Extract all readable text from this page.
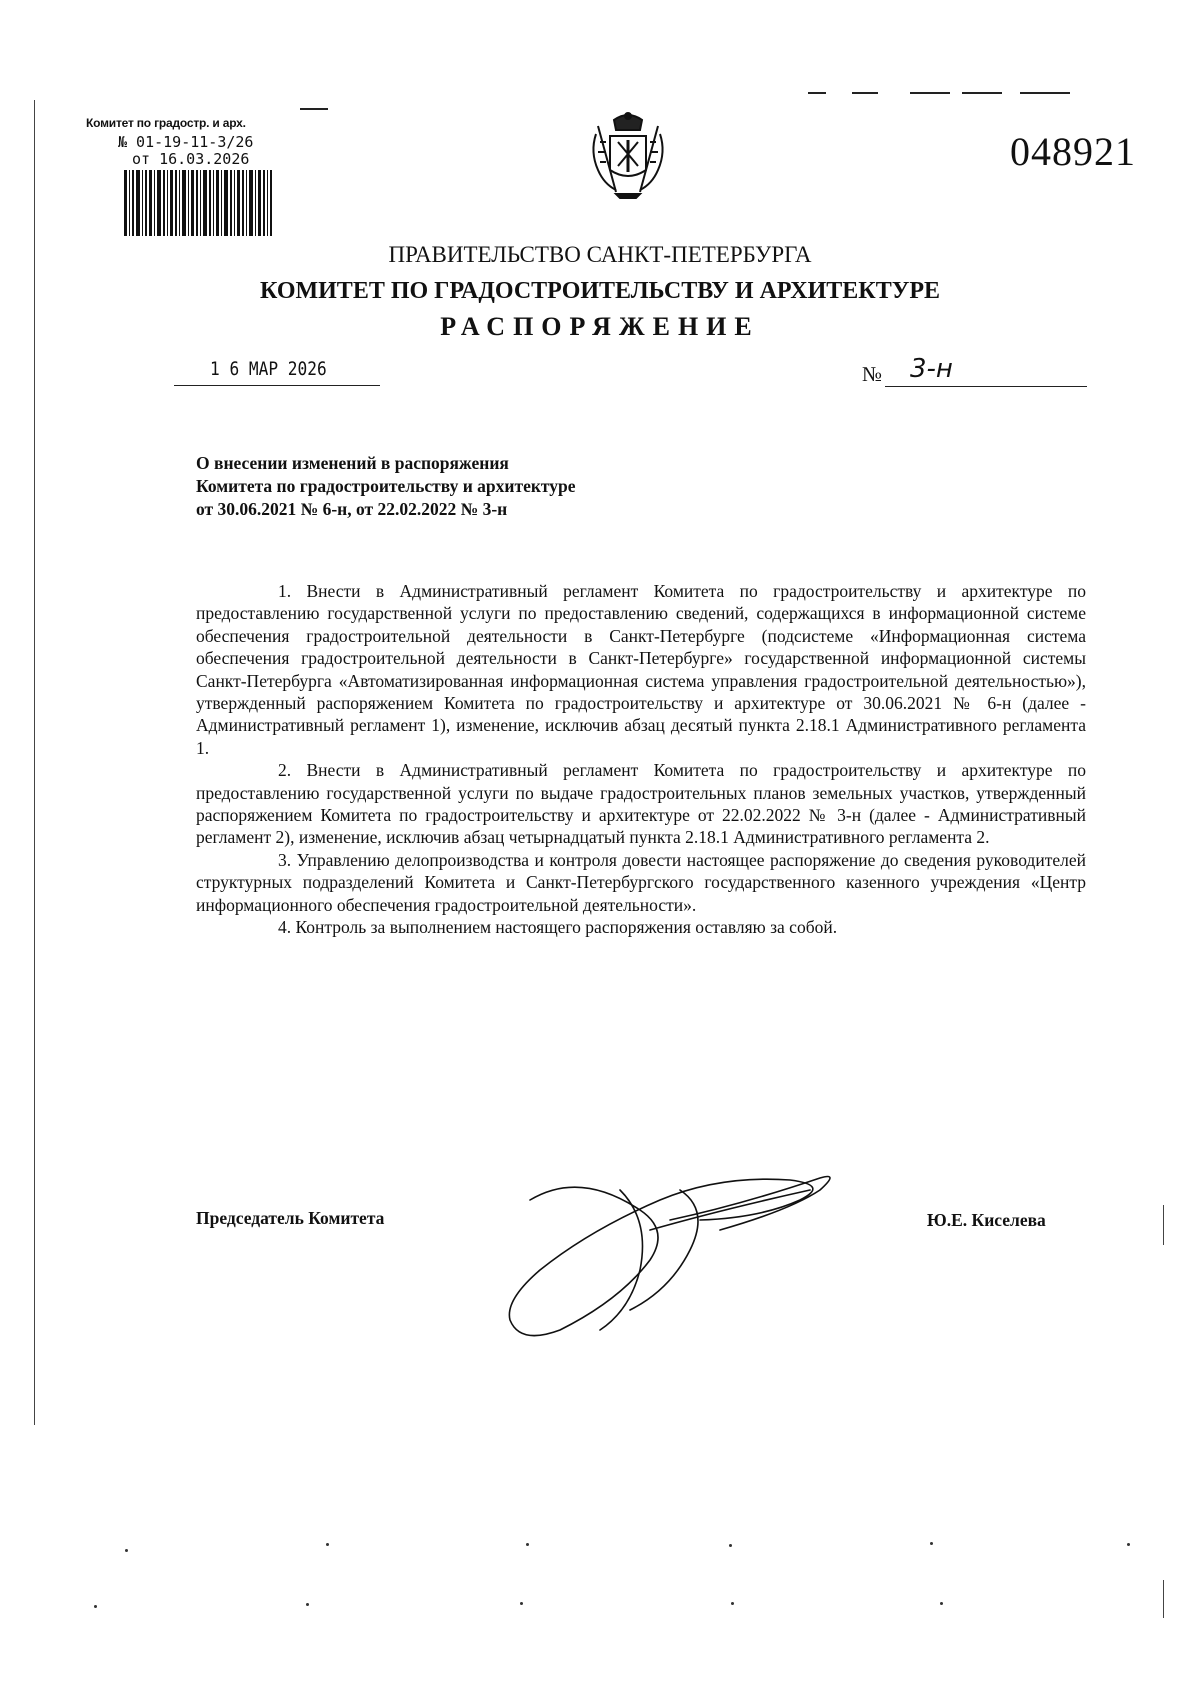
Комитет по градостр. и арх.
№ 01-19-11-3/26
от 16.03.2026	048921
ПРАВИТЕЛЬСТВО САНКТ-ПЕТЕРБУРГА
КОМИТЕТ ПО ГРАДОСТРОИТЕЛЬСТВУ И АРХИТЕКТУРЕ
РАСПОРЯЖЕНИЕ
1 6 МАР 2026	№ 3-н
О внесении изменений в распоряжения
Комитета по градостроительству и архитектуре
от 30.06.2021 № 6-н, от 22.02.2022 № 3-н

1. Внести в Административный регламент Комитета по градостроительству и архитектуре по предоставлению государственной услуги по предоставлению сведений, содержащихся в информационной системе обеспечения градостроительной деятельности в Санкт-Петербурге (подсистеме «Информационная система обеспечения градостроительной деятельности в Санкт-Петербурге» государственной информационной системы Санкт-Петербурга «Автоматизированная информационная система управления градостроительной деятельностью»), утвержденный распоряжением Комитета по градостроительству и архитектуре от 30.06.2021 № 6-н (далее - Административный регламент 1), изменение, исключив абзац десятый пункта 2.18.1 Административного регламента 1.

2. Внести в Административный регламент Комитета по градостроительству и архитектуре по предоставлению государственной услуги по выдаче градостроительных планов земельных участков, утвержденный распоряжением Комитета по градостроительству и архитектуре от 22.02.2022 № 3-н (далее - Административный регламент 2), изменение, исключив абзац четырнадцатый пункта 2.18.1 Административного регламента 2.

3. Управлению делопроизводства и контроля довести настоящее распоряжение до сведения руководителей структурных подразделений Комитета и Санкт-Петербургского государственного казенного учреждения «Центр информационного обеспечения градостроительной деятельности».

4. Контроль за выполнением настоящего распоряжения оставляю за собой.

Председатель Комитета	Ю.Е. Киселева
